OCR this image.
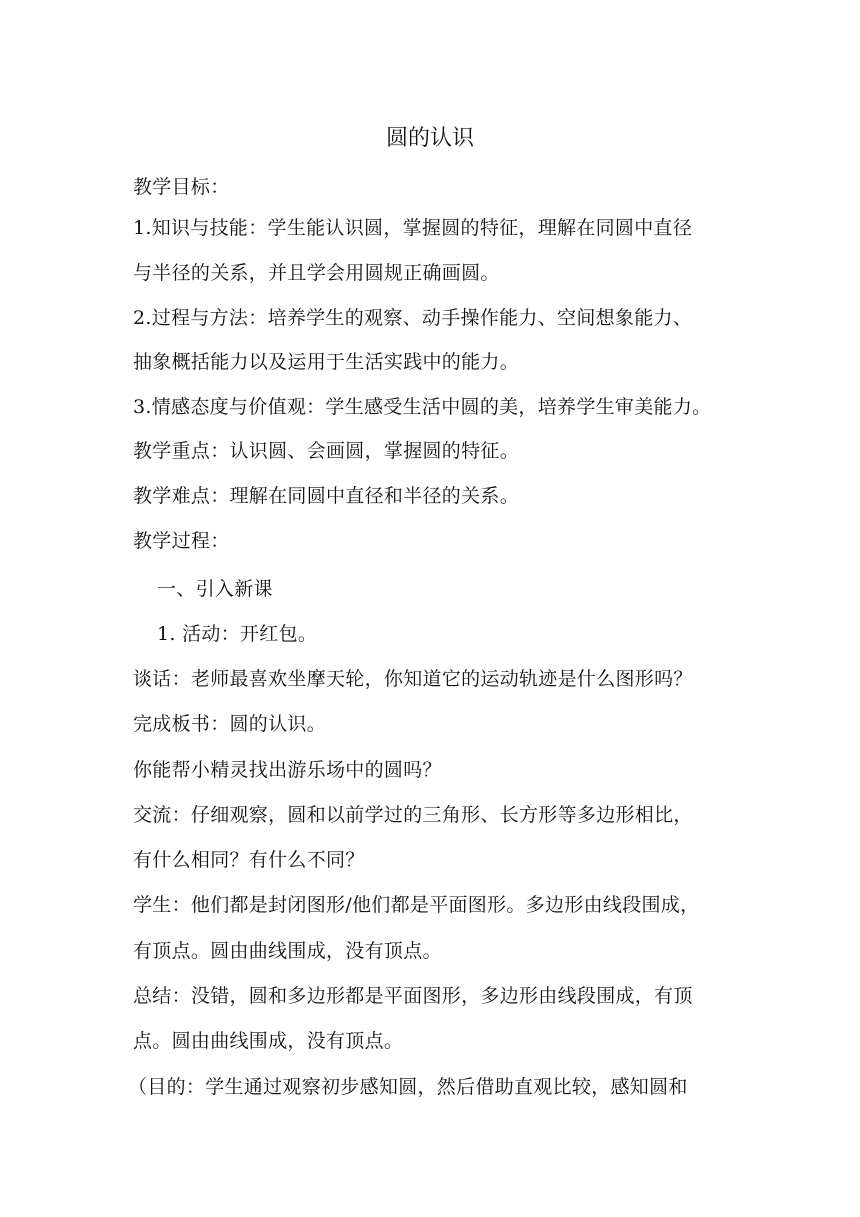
圆的认识
教学目标：
1.知识与技能：学生能认识圆，掌握圆的特征，理解在同圆中直径
与半径的关系，并且学会用圆规正确画圆。
2.过程与方法：培养学生的观察、动手操作能力、空间想象能力、
抽象概括能力以及运用于生活实践中的能力。
3.情感态度与价值观：学生感受生活中圆的美，培养学生审美能力。
教学重点：认识圆、会画圆，掌握圆的特征。
教学难点：理解在同圆中直径和半径的关系。
教学过程：
一、引入新课
1. 活动：开红包。
谈话：老师最喜欢坐摩天轮，你知道它的运动轨迹是什么图形吗？
完成板书：圆的认识。
你能帮小精灵找出游乐场中的圆吗？
交流：仔细观察，圆和以前学过的三角形、长方形等多边形相比，
有什么相同？有什么不同？
学生：他们都是封闭图形/他们都是平面图形。多边形由线段围成，
有顶点。圆由曲线围成，没有顶点。
总结：没错，圆和多边形都是平面图形，多边形由线段围成，有顶
点。圆由曲线围成，没有顶点。
（目的：学生通过观察初步感知圆，然后借助直观比较，感知圆和
